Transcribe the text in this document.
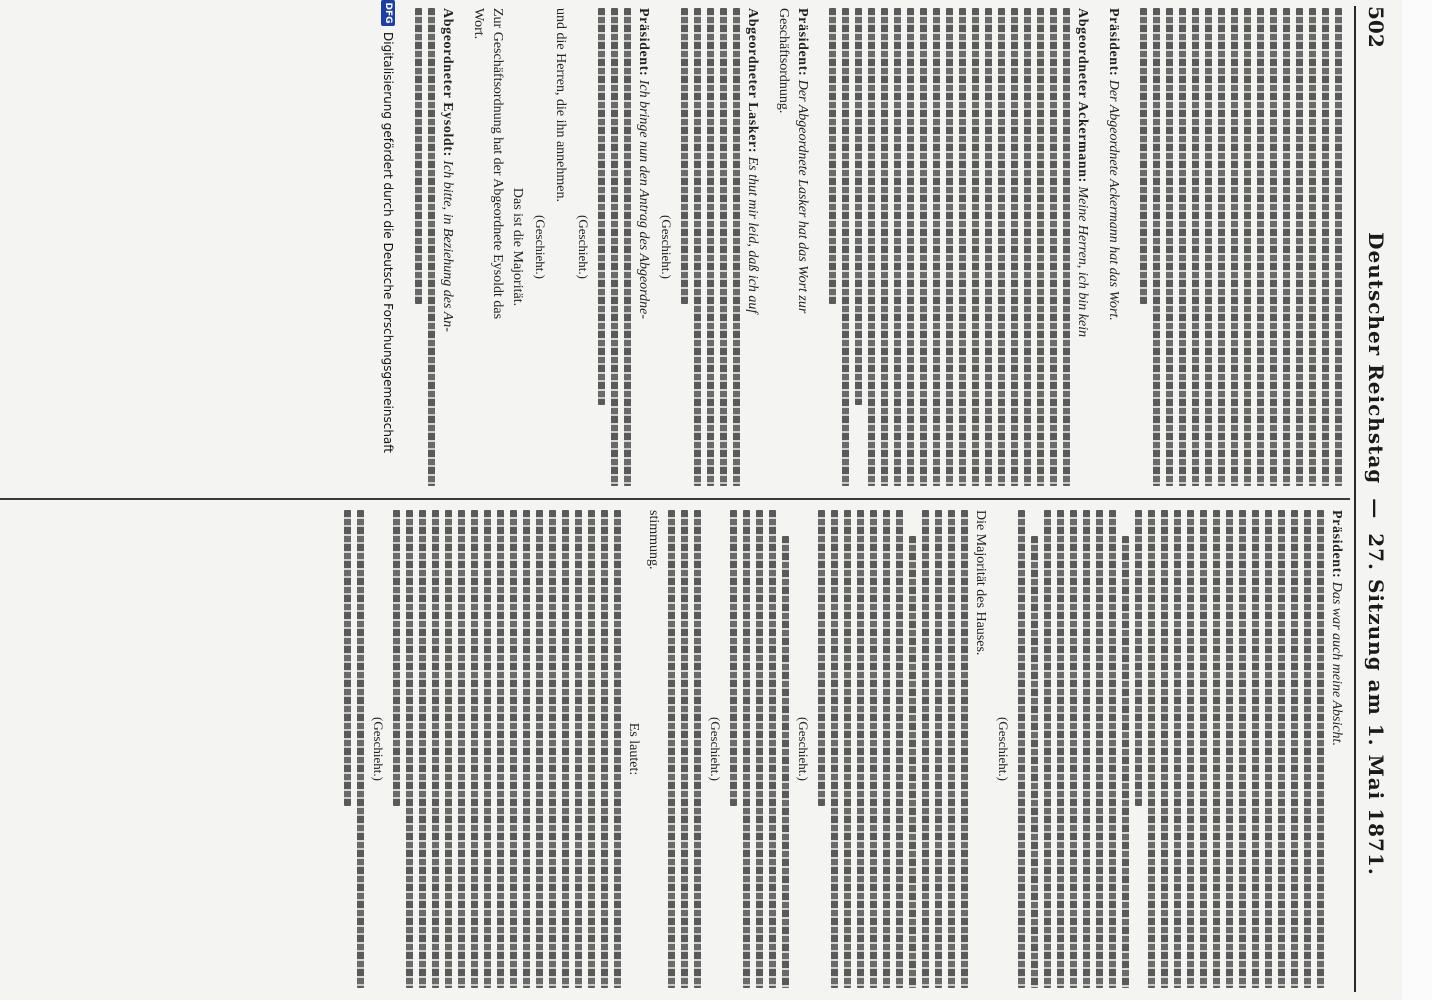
502
Deutscher Reichstag — 27. Sitzung am 1. Mai 1871.
Präsident: Der Abgeordnete Ackermann hat das Wort.
Abgeordneter Ackermann: Meine Herren, ich bin kein
Präsident: Der Abgeordnete Lasker hat das Wort zur
Geschäftsordnung.
Abgeordneter Lasker: Es thut mir leid, daß ich auf
(Geschieht.)
Präsident: Ich bringe nun den Antrag des Abgeordne-
(Geschieht.)
und die Herren, die ihn annehmen.
(Geschieht.)
Das ist die Majorität.
Zur Geschäftsordnung hat der Abgeordnete Eysoldt das
Wort.
Abgeordneter Eysoldt: Ich bitte, in Beziehung des An-
Präsident: Das war auch meine Absicht.
(Geschieht.)
Die Majorität des Hauses.
(Geschieht.)
(Geschieht.)
stimmung.
Es lautet:
(Geschieht.)
DFG
Digitalisierung gefördert durch die Deutsche Forschungsgemeinschaft
